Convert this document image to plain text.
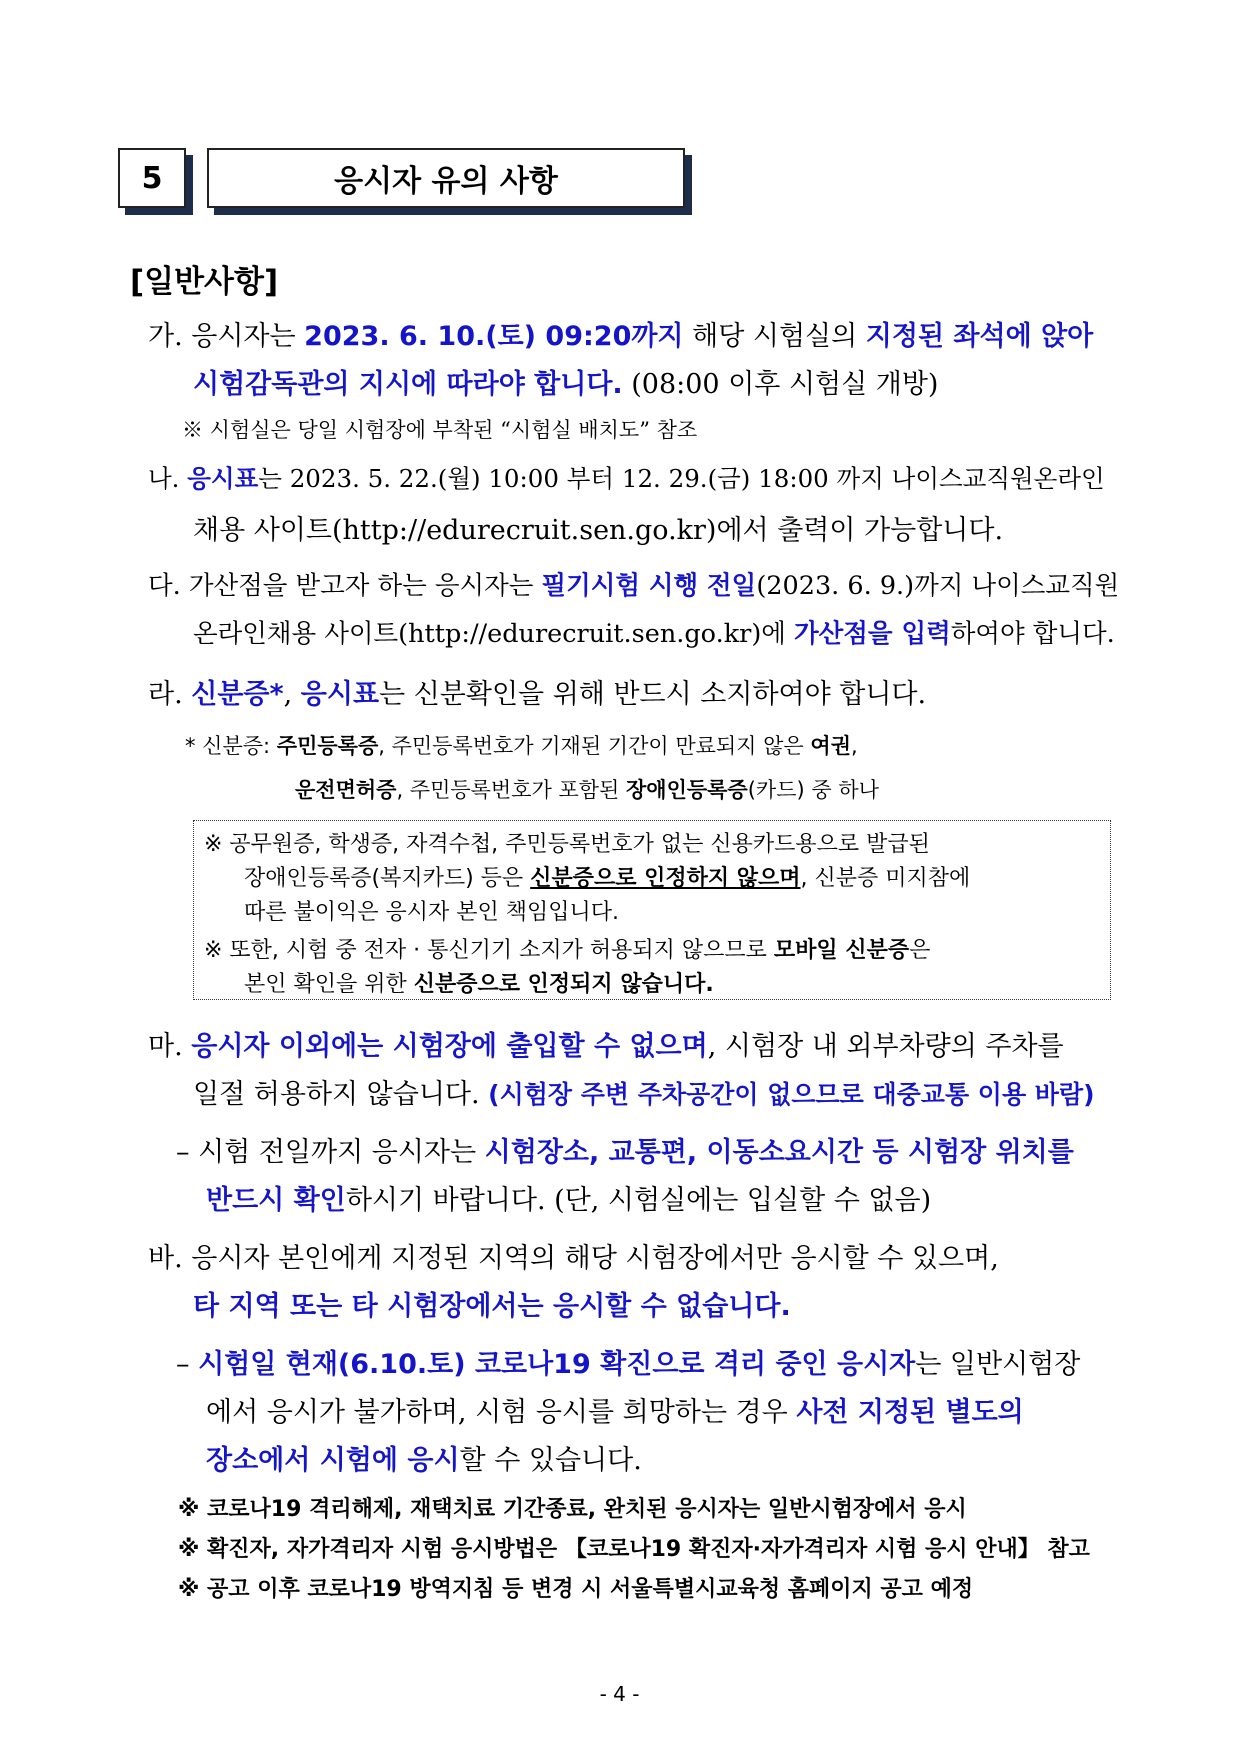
5	응시자 유의 사항
[일반사항]
가. 응시자는 2023. 6. 10.(토) 09:20까지 해당 시험실의 지정된 좌석에 앉아
시험감독관의 지시에 따라야 합니다. (08:00 이후 시험실 개방)
※ 시험실은 당일 시험장에 부착된 “시험실 배치도” 참조
나. 응시표는 2023. 5. 22.(월) 10:00 부터 12. 29.(금) 18:00 까지 나이스교직원온라인
채용 사이트(http://edurecruit.sen.go.kr)에서 출력이 가능합니다.
다. 가산점을 받고자 하는 응시자는 필기시험 시행 전일(2023. 6. 9.)까지 나이스교직원
온라인채용 사이트(http://edurecruit.sen.go.kr)에 가산점을 입력하여야 합니다.
라. 신분증*, 응시표는 신분확인을 위해 반드시 소지하여야 합니다.
* 신분증: 주민등록증, 주민등록번호가 기재된 기간이 만료되지 않은 여권,
운전면허증, 주민등록번호가 포함된 장애인등록증(카드) 중 하나
※ 공무원증, 학생증, 자격수첩, 주민등록번호가 없는 신용카드용으로 발급된
장애인등록증(복지카드) 등은 신분증으로 인정하지 않으며, 신분증 미지참에
따른 불이익은 응시자 본인 책임입니다.
※ 또한, 시험 중 전자 · 통신기기 소지가 허용되지 않으므로 모바일 신분증은
본인 확인을 위한 신분증으로 인정되지 않습니다.
마. 응시자 이외에는 시험장에 출입할 수 없으며, 시험장 내 외부차량의 주차를
일절 허용하지 않습니다. (시험장 주변 주차공간이 없으므로 대중교통 이용 바람)
– 시험 전일까지 응시자는 시험장소, 교통편, 이동소요시간 등 시험장 위치를
반드시 확인하시기 바랍니다. (단, 시험실에는 입실할 수 없음)
바. 응시자 본인에게 지정된 지역의 해당 시험장에서만 응시할 수 있으며,
타 지역 또는 타 시험장에서는 응시할 수 없습니다.
– 시험일 현재(6.10.토) 코로나19 확진으로 격리 중인 응시자는 일반시험장
에서 응시가 불가하며, 시험 응시를 희망하는 경우 사전 지정된 별도의
장소에서 시험에 응시할 수 있습니다.
※ 코로나19 격리해제, 재택치료 기간종료, 완치된 응시자는 일반시험장에서 응시
※ 확진자, 자가격리자 시험 응시방법은 【코로나19 확진자·자가격리자 시험 응시 안내】 참고
※ 공고 이후 코로나19 방역지침 등 변경 시 서울특별시교육청 홈페이지 공고 예정
- 4 -
